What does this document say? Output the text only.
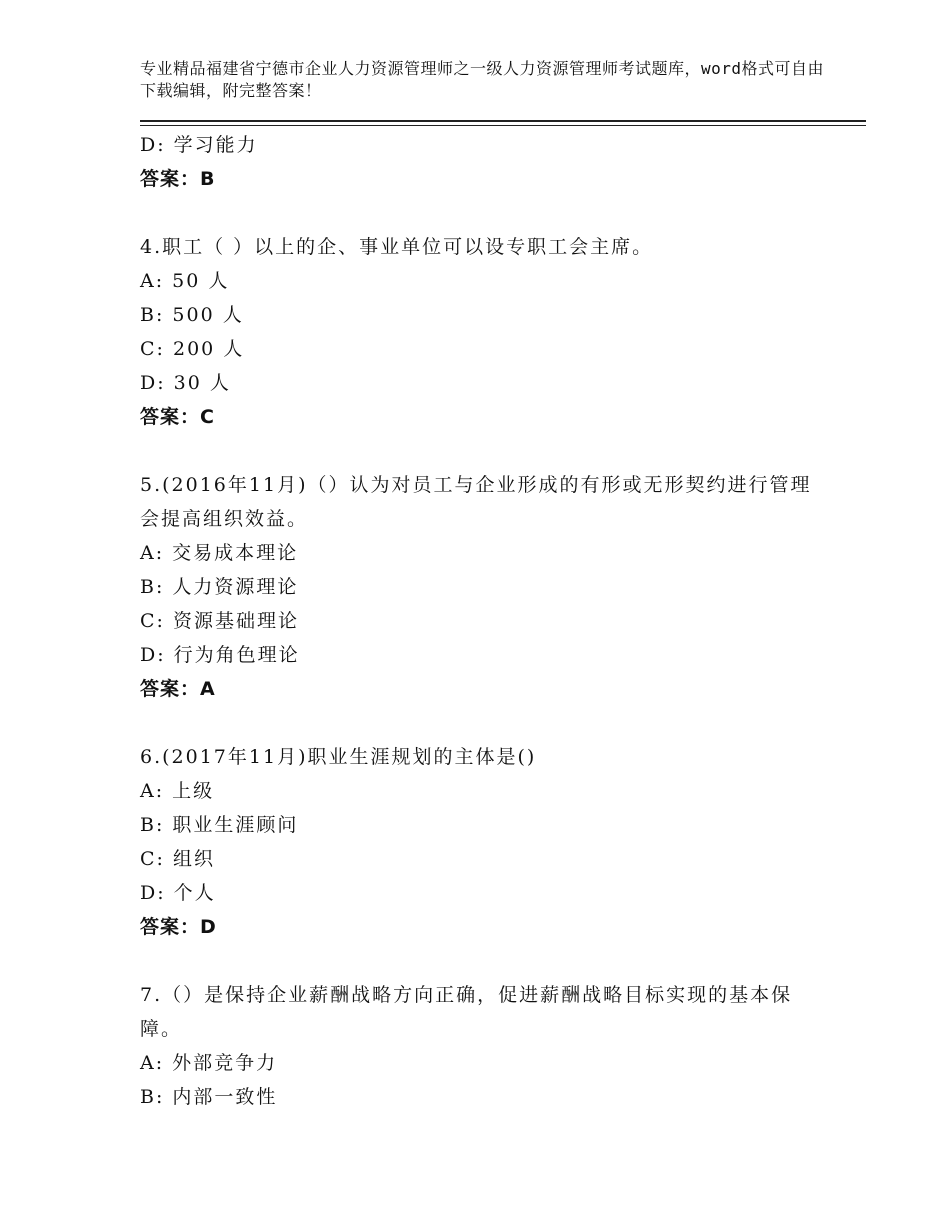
专业精品福建省宁德市企业人力资源管理师之一级人力资源管理师考试题库，word格式可自由下载编辑，附完整答案！
D: 学习能力
答案：B
4.职工（ ）以上的企、事业单位可以设专职工会主席。
A: 50 人
B: 500 人
C: 200 人
D: 30 人
答案：C
5.(2016年11月)（）认为对员工与企业形成的有形或无形契约进行管理会提高组织效益。
A: 交易成本理论
B: 人力资源理论
C: 资源基础理论
D: 行为角色理论
答案：A
6.(2017年11月)职业生涯规划的主体是()
A: 上级
B: 职业生涯顾问
C: 组织
D: 个人
答案：D
7.（）是保持企业薪酬战略方向正确，促进薪酬战略目标实现的基本保障。
A: 外部竞争力
B: 内部一致性
